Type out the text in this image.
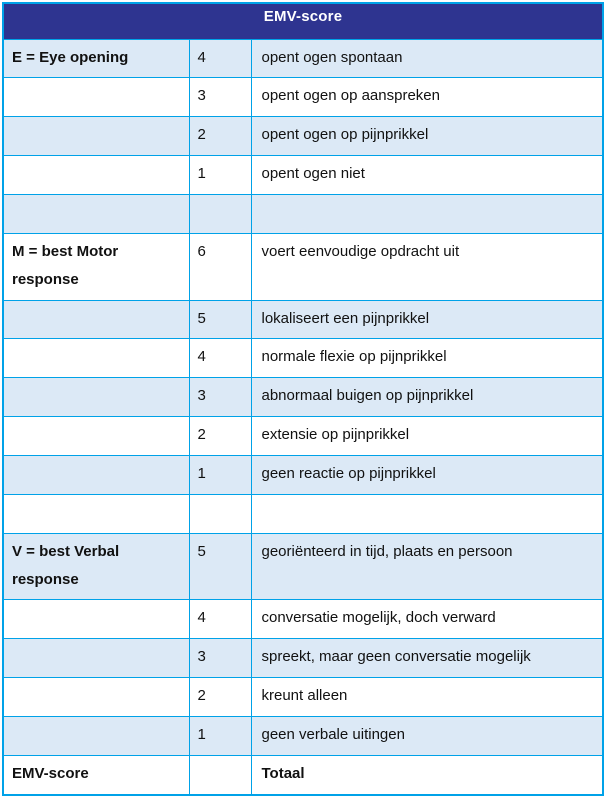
EMV-score		
E = Eye opening	4	opent ogen spontaan
	3	opent ogen op aanspreken
	2	opent ogen op pijnprikkel
	1	opent ogen niet

M = best Motor response	6	voert eenvoudige opdracht uit
	5	lokaliseert een pijnprikkel
	4	normale flexie op pijnprikkel
	3	abnormaal buigen op pijnprikkel
	2	extensie op pijnprikkel
	1	geen reactie op pijnprikkel

V = best Verbal response	5	georiënteerd in tijd, plaats en persoon
	4	conversatie mogelijk, doch verward
	3	spreekt, maar geen conversatie mogelijk
	2	kreunt alleen
	1	geen verbale uitingen
EMV-score		Totaal
